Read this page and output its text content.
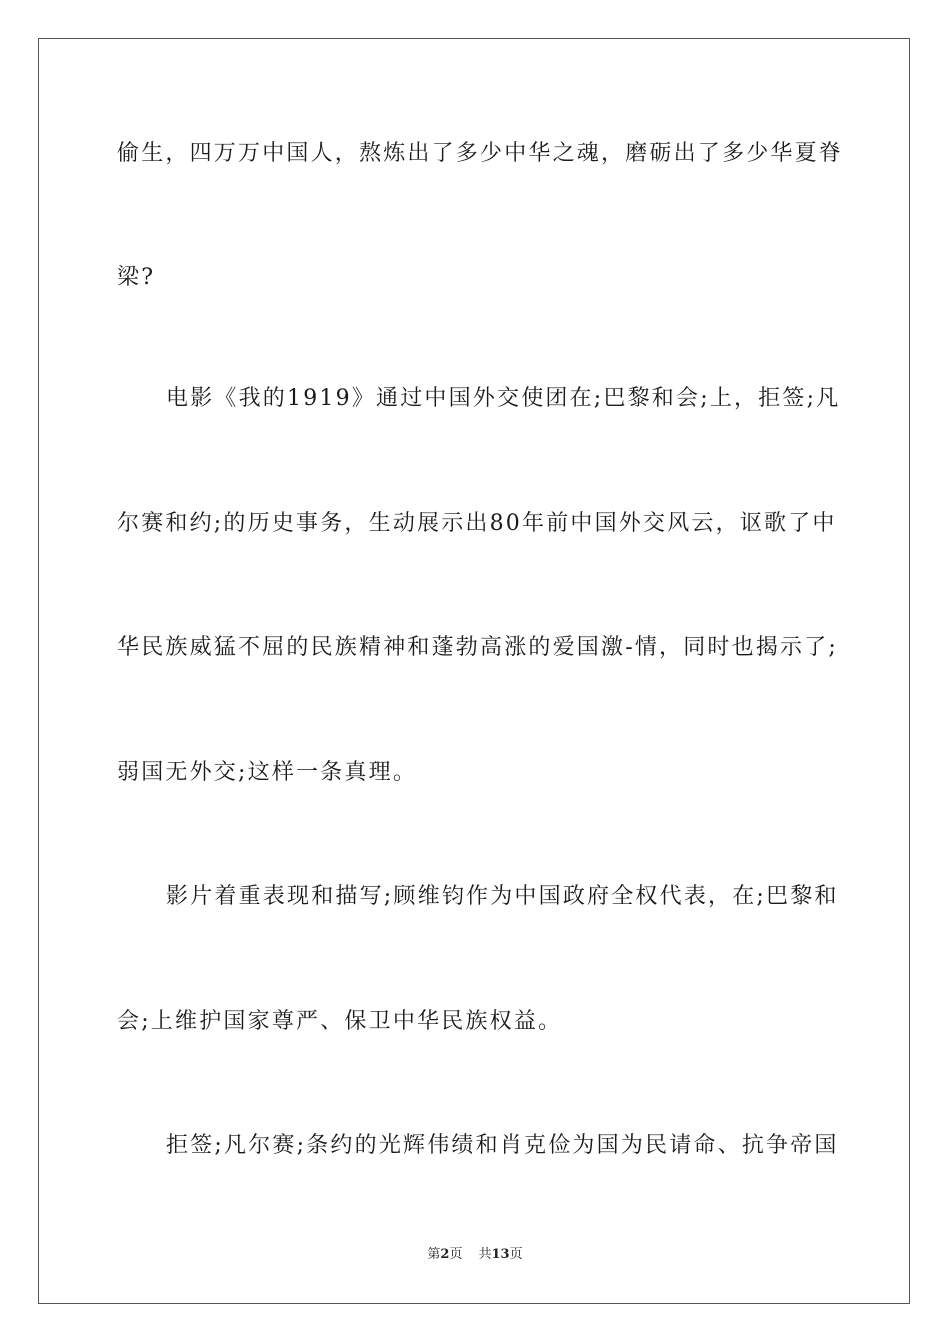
偷生，四万万中国人，熬炼出了多少中华之魂，磨砺出了多少华夏脊
梁?
电影《我的1919》通过中国外交使团在;巴黎和会;上，拒签;凡
尔赛和约;的历史事务，生动展示出80年前中国外交风云，讴歌了中
华民族威猛不屈的民族精神和蓬勃高涨的爱国激-情，同时也揭示了;
弱国无外交;这样一条真理。
影片着重表现和描写;顾维钧作为中国政府全权代表，在;巴黎和
会;上维护国家尊严、保卫中华民族权益。
拒签;凡尔赛;条约的光辉伟绩和肖克俭为国为民请命、抗争帝国
第2页 共13页
